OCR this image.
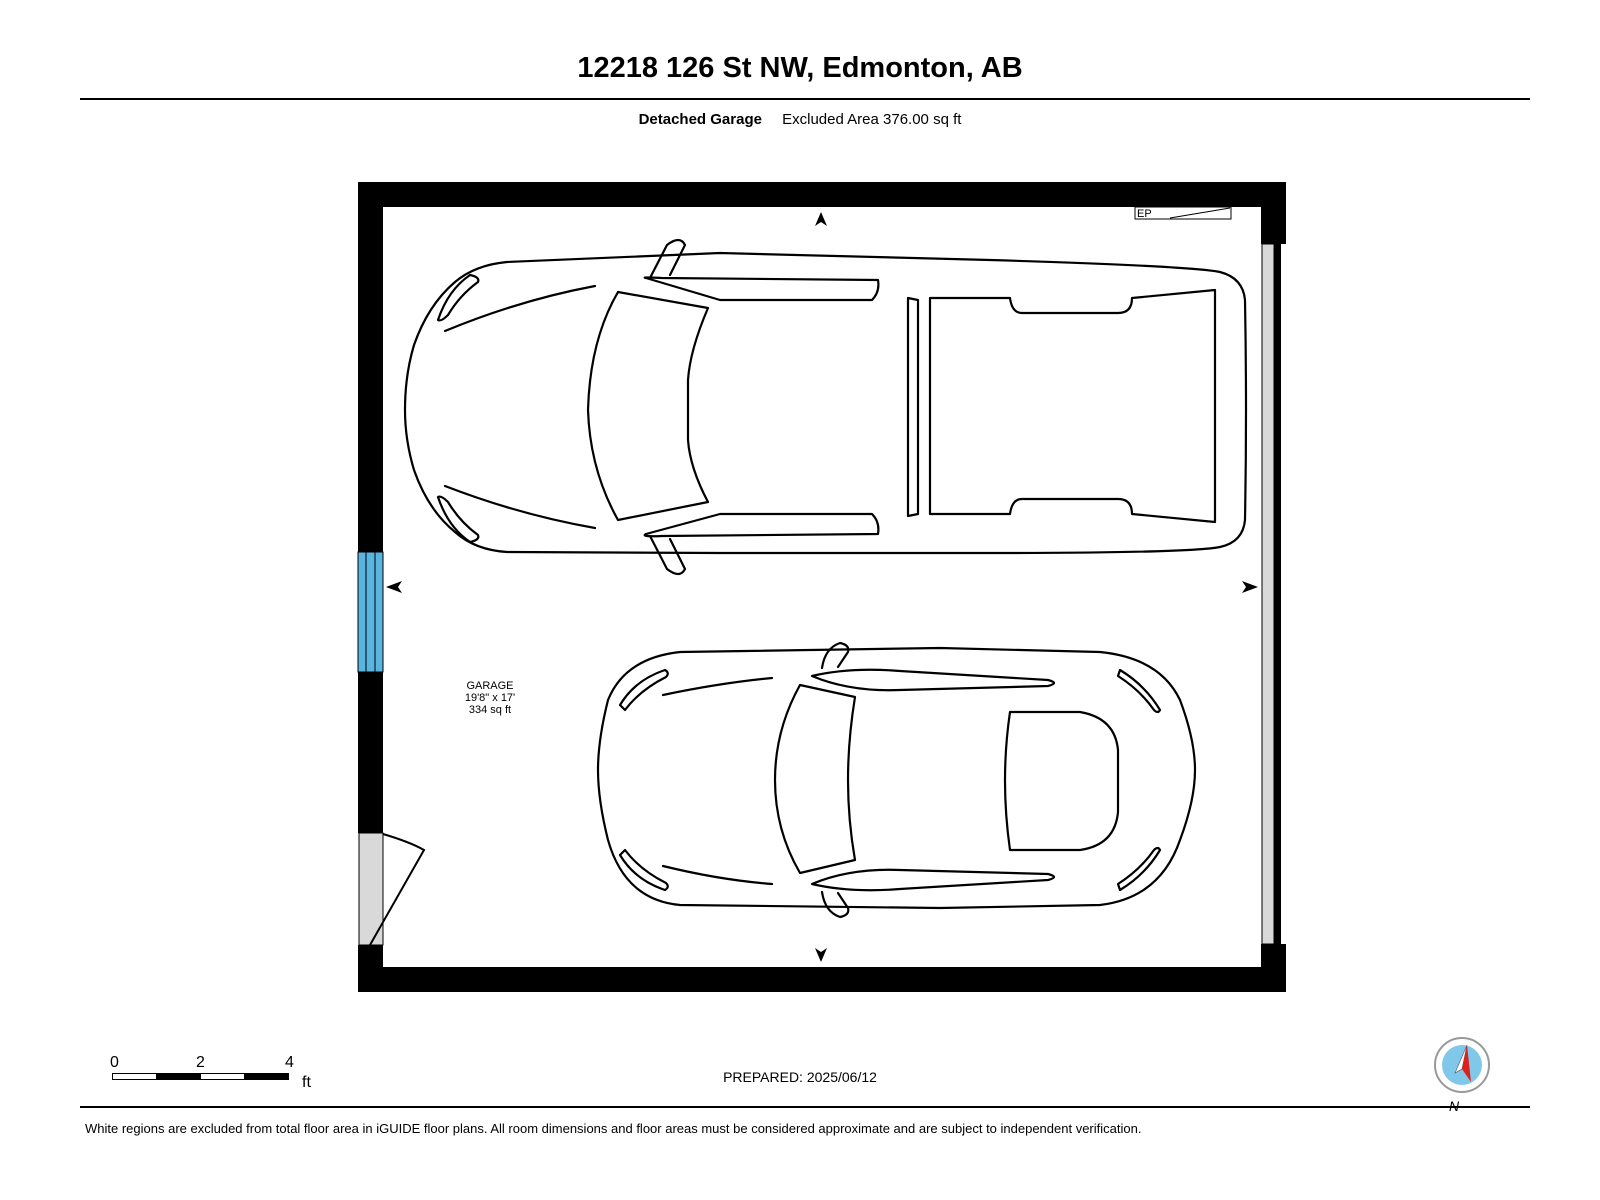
12218 126 St NW, Edmonton, AB
Detached Garage Excluded Area 376.00 sq ft
EP
GARAGE
19'8" x 17'
334 sq ft
0	2	4
ft	PREPARED: 2025/06/12
White regions are excluded from total floor area in iGUIDE floor plans. All room dimensions and floor areas must be considered approximate and are subject to independent verification.
